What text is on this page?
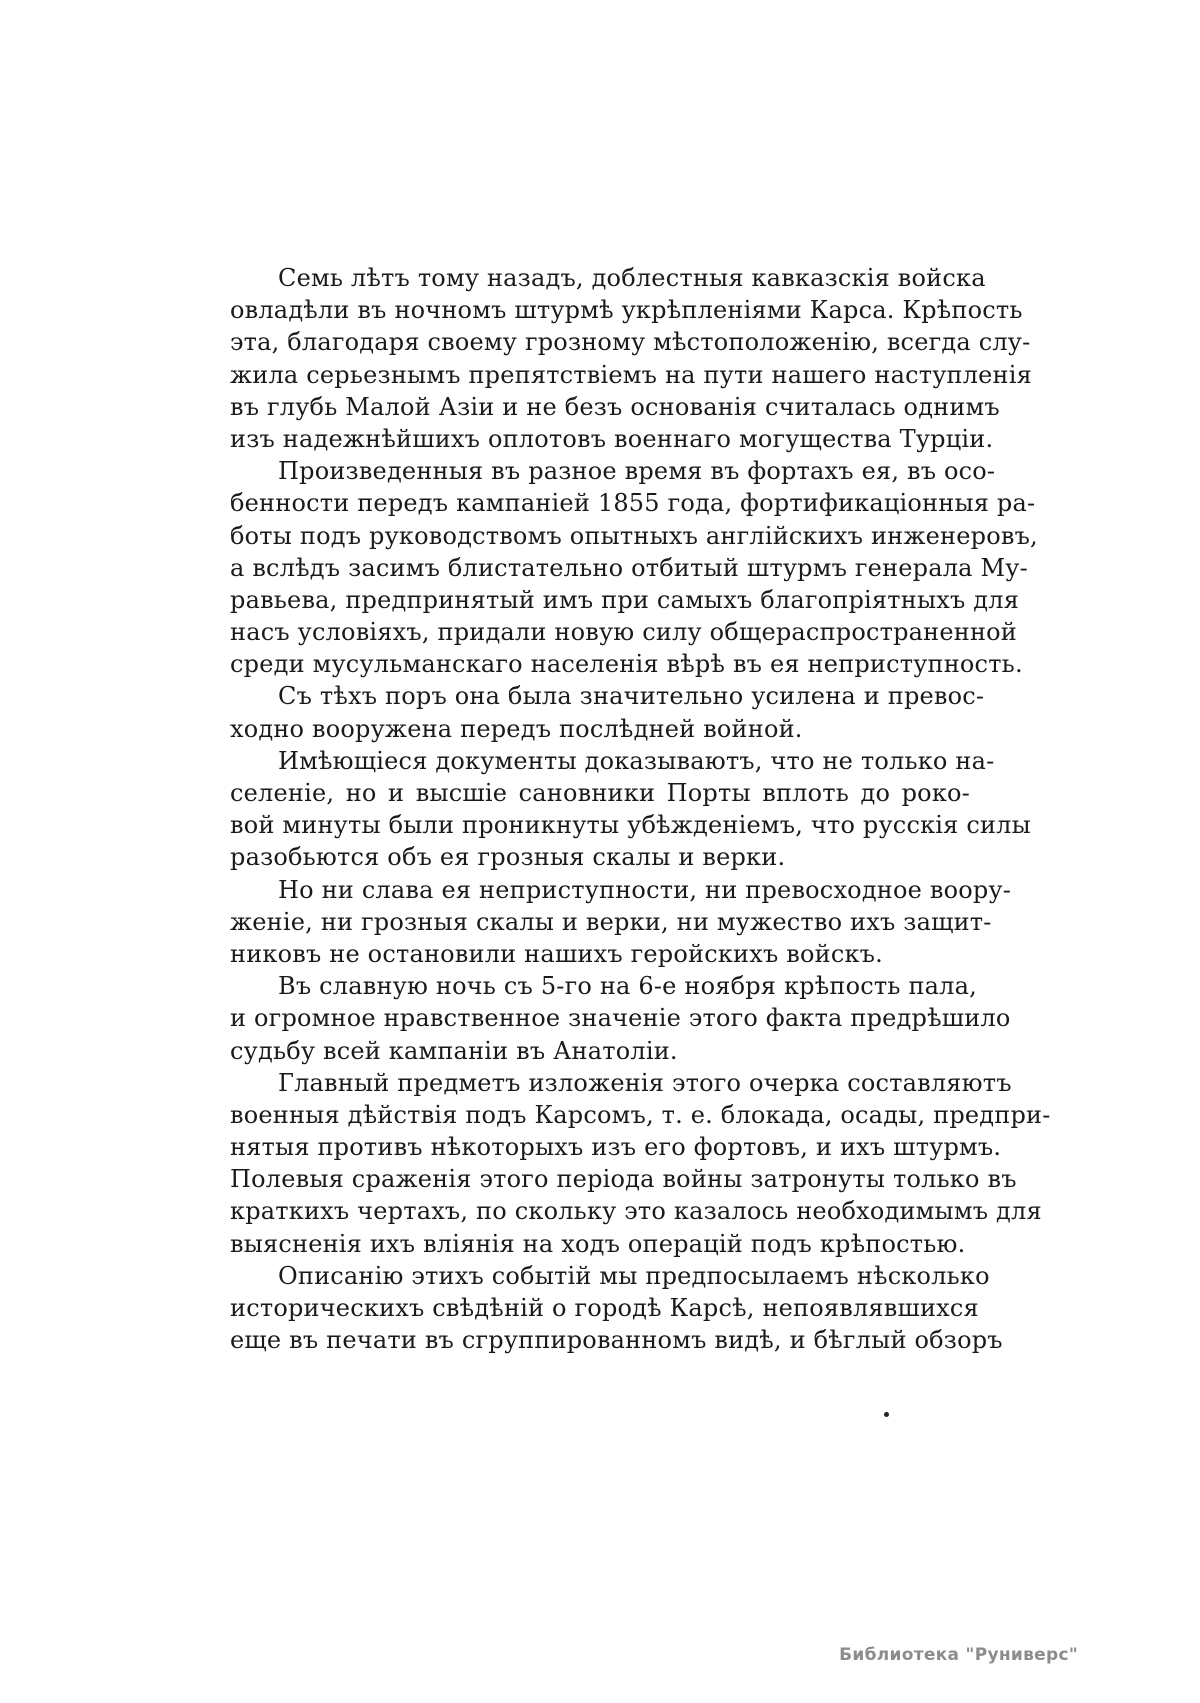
Семь лѣтъ тому назадъ, доблестныя кавказскія войска
овладѣли въ ночномъ штурмѣ укрѣпленіями Карса. Крѣпость
эта, благодаря своему грозному мѣстоположенію, всегда слу-
жила серьезнымъ препятствіемъ на пути нашего наступленія
въ глубь Малой Азіи и не безъ основанія считалась однимъ
изъ надежнѣйшихъ оплотовъ военнаго могущества Турціи.
Произведенныя въ разное время въ фортахъ ея, въ осо-
бенности передъ кампаніей 1855 года, фортификаціонныя ра-
боты подъ руководствомъ опытныхъ англійскихъ инженеровъ,
а вслѣдъ засимъ блистательно отбитый штурмъ генерала Му-
равьева, предпринятый имъ при самыхъ благопріятныхъ для
насъ условіяхъ, придали новую силу общераспространенной
среди мусульманскаго населенія вѣрѣ въ ея неприступность.
Съ тѣхъ поръ она была значительно усилена и превос-
ходно вооружена передъ послѣдней войной.
Имѣющіеся документы доказываютъ, что не только на-
селеніе, но и высшіе сановники Порты вплоть до роко-
вой минуты были проникнуты убѣжденіемъ, что русскія силы
разобьются объ ея грозныя скалы и верки.
Но ни слава ея неприступности, ни превосходное воору-
женіе, ни грозныя скалы и верки, ни мужество ихъ защит-
никовъ не остановили нашихъ геройскихъ войскъ.
Въ славную ночь съ 5-го на 6-е ноября крѣпость пала,
и огромное нравственное значеніе этого факта предрѣшило
судьбу всей кампаніи въ Анатоліи.
Главный предметъ изложенія этого очерка составляютъ
военныя дѣйствія подъ Карсомъ, т. е. блокада, осады, предпри-
нятыя противъ нѣкоторыхъ изъ его фортовъ, и ихъ штурмъ.
Полевыя сраженія этого періода войны затронуты только въ
краткихъ чертахъ, по скольку это казалось необходимымъ для
выясненія ихъ вліянія на ходъ операцій подъ крѣпостью.
Описанію этихъ событій мы предпосылаемъ нѣсколько
историческихъ свѣдѣній о городѣ Карсѣ, непоявлявшихся
еще въ печати въ сгруппированномъ видѣ, и бѣглый обзоръ
Библиотека "Руниверс"
